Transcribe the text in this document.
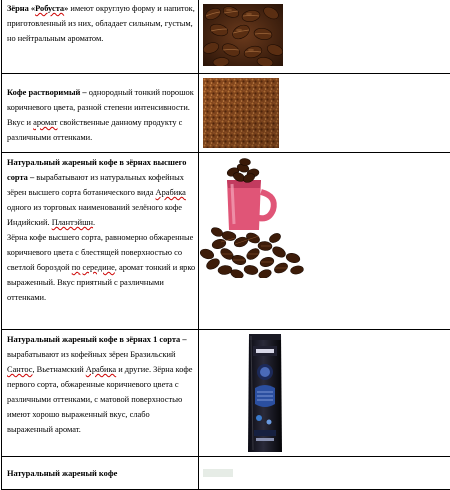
Зёрна «Робуста» имеют округлую форму и напиток, приготовленный из них, обладает сильным, густым, но нейтральным ароматом.

Кофе растворимый – однородный тонкий порошок коричневого цвета, разной степени интенсивности. Вкус и аромат свойственные данному продукту с различными оттенками.

Натуральный жареный кофе в зёрнах высшего сорта – вырабатывают из натуральных кофейных зёрен высшего сорта ботанического вида Арабика одного из торговых наименований зелёного кофе Индийский. Плантэйшн.

Зёрна кофе высшего сорта, равномерно обжаренные коричневого цвета с блестящей поверхностью со светлой бороздой по середине, аромат тонкий и ярко выраженный. Вкус приятный с различными оттенками.

Натуральный жареный кофе в зёрнах 1 сорта – вырабатывают из кофейных зёрен Бразильский Сантос, Вьетнамский Арабика и другие. Зёрна кофе первого сорта, обжаренные коричневого цвета с различными оттенками, с матовой поверхностью имеют хорошо выраженный вкус, слабо выраженный аромат.

Натуральный жареный кофе
